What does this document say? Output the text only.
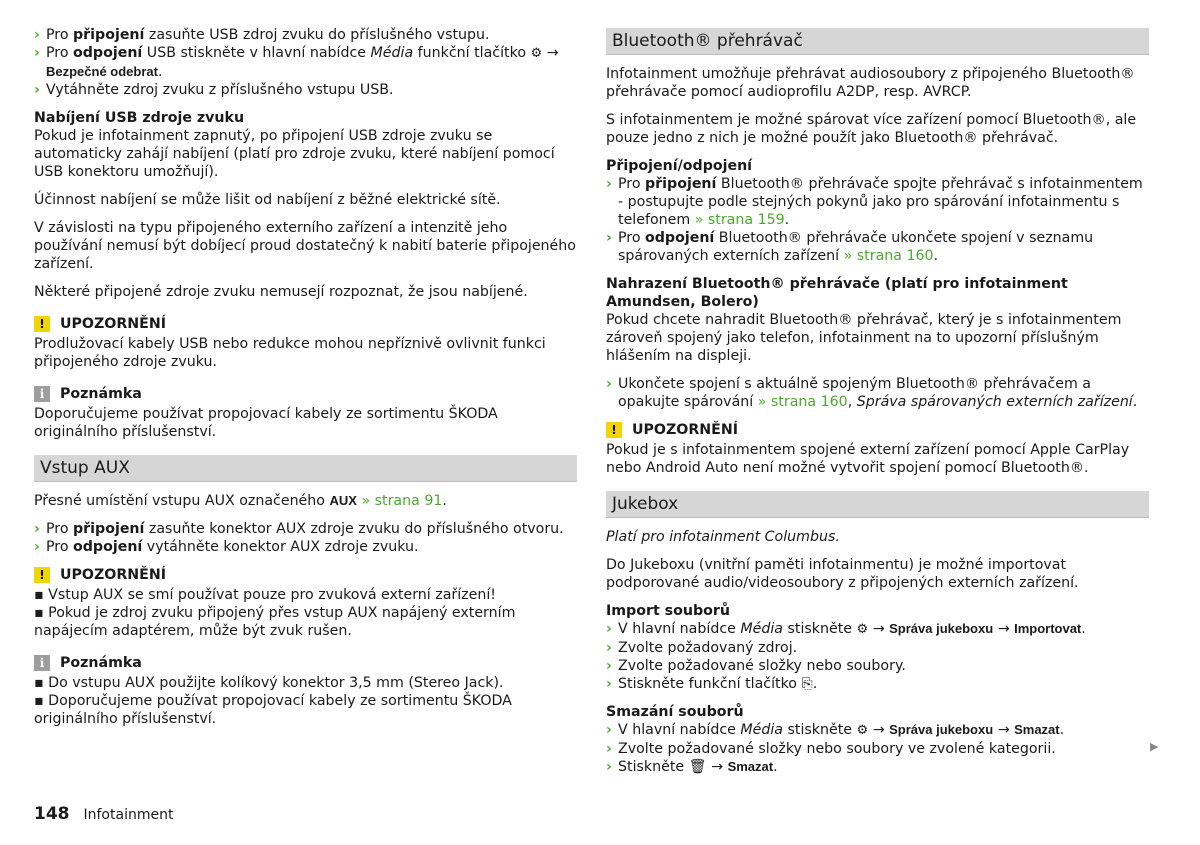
› Pro připojení zasuňte USB zdroj zvuku do příslušného vstupu.
› Pro odpojení USB stiskněte v hlavní nabídce Média funkční tlačítko ⚙ → Bezpečné odebrat.
› Vytáhněte zdroj zvuku z příslušného vstupu USB.

Nabíjení USB zdroje zvuku

Pokud je infotainment zapnutý, po připojení USB zdroje zvuku se automaticky zahájí nabíjení (platí pro zdroje zvuku, které nabíjení pomocí USB konektoru umožňují).

Účinnost nabíjení se může lišit od nabíjení z běžné elektrické sítě.

V závislosti na typu připojeného externího zařízení a intenzitě jeho používání nemusí být dobíjecí proud dostatečný k nabití baterie připojeného zařízení.

Některé připojené zdroje zvuku nemusejí rozpoznat, že jsou nabíjené.

!	UPOZORNĚNÍ
Prodlužovací kabely USB nebo redukce mohou nepříznivě ovlivnit funkci připojeného zdroje zvuku.
i	Poznámka
Doporučujeme používat propojovací kabely ze sortimentu ŠKODA originálního příslušenství.
Vstup AUX

Přesné umístění vstupu AUX označeného AUX » strana 91.

› Pro připojení zasuňte konektor AUX zdroje zvuku do příslušného otvoru.
› Pro odpojení vytáhněte konektor AUX zdroje zvuku.
!	UPOZORNĚNÍ
▪ Vstup AUX se smí používat pouze pro zvuková externí zařízení!
▪ Pokud je zdroj zvuku připojený přes vstup AUX napájený externím napájecím adaptérem, může být zvuk rušen.
i	Poznámka
▪ Do vstupu AUX použijte kolíkový konektor 3,5 mm (Stereo Jack).
▪ Doporučujeme používat propojovací kabely ze sortimentu ŠKODA originálního příslušenství.
Bluetooth® přehrávač

Infotainment umožňuje přehrávat audiosoubory z připojeného Bluetooth® přehrávače pomocí audioprofilu A2DP, resp. AVRCP.

S infotainmentem je možné spárovat více zařízení pomocí Bluetooth®, ale pouze jedno z nich je možné použít jako Bluetooth® přehrávač.

Připojení/odpojení

› Pro připojení Bluetooth® přehrávače spojte přehrávač s infotainmentem - postupujte podle stejných pokynů jako pro spárování infotainmentu s telefonem » strana 159.
› Pro odpojení Bluetooth® přehrávače ukončete spojení v seznamu spárovaných externích zařízení » strana 160.

Nahrazení Bluetooth® přehrávače (platí pro infotainment Amundsen, Bolero)

Pokud chcete nahradit Bluetooth® přehrávač, který je s infotainmentem zároveň spojený jako telefon, infotainment na to upozorní příslušným hlášením na displeji.

› Ukončete spojení s aktuálně spojeným Bluetooth® přehrávačem a opakujte spárování » strana 160, Správa spárovaných externích zařízení.
!	UPOZORNĚNÍ
Pokud je s infotainmentem spojené externí zařízení pomocí Apple CarPlay nebo Android Auto není možné vytvořit spojení pomocí Bluetooth®.
Jukebox

Platí pro infotainment Columbus.

Do Jukeboxu (vnitřní paměti infotainmentu) je možné importovat podporované audio/videosoubory z připojených externích zařízení.

Import souborů

› V hlavní nabídce Média stiskněte ⚙ → Správa jukeboxu → Importovat.
› Zvolte požadovaný zdroj.
› Zvolte požadované složky nebo soubory.
› Stiskněte funkční tlačítko ⎘.

Smazání souborů

› V hlavní nabídce Média stiskněte ⚙ → Správa jukeboxu → Smazat.
› Zvolte požadované složky nebo soubory ve zvolené kategorii.
› Stiskněte 🗑 → Smazat.
▶
148 Infotainment
